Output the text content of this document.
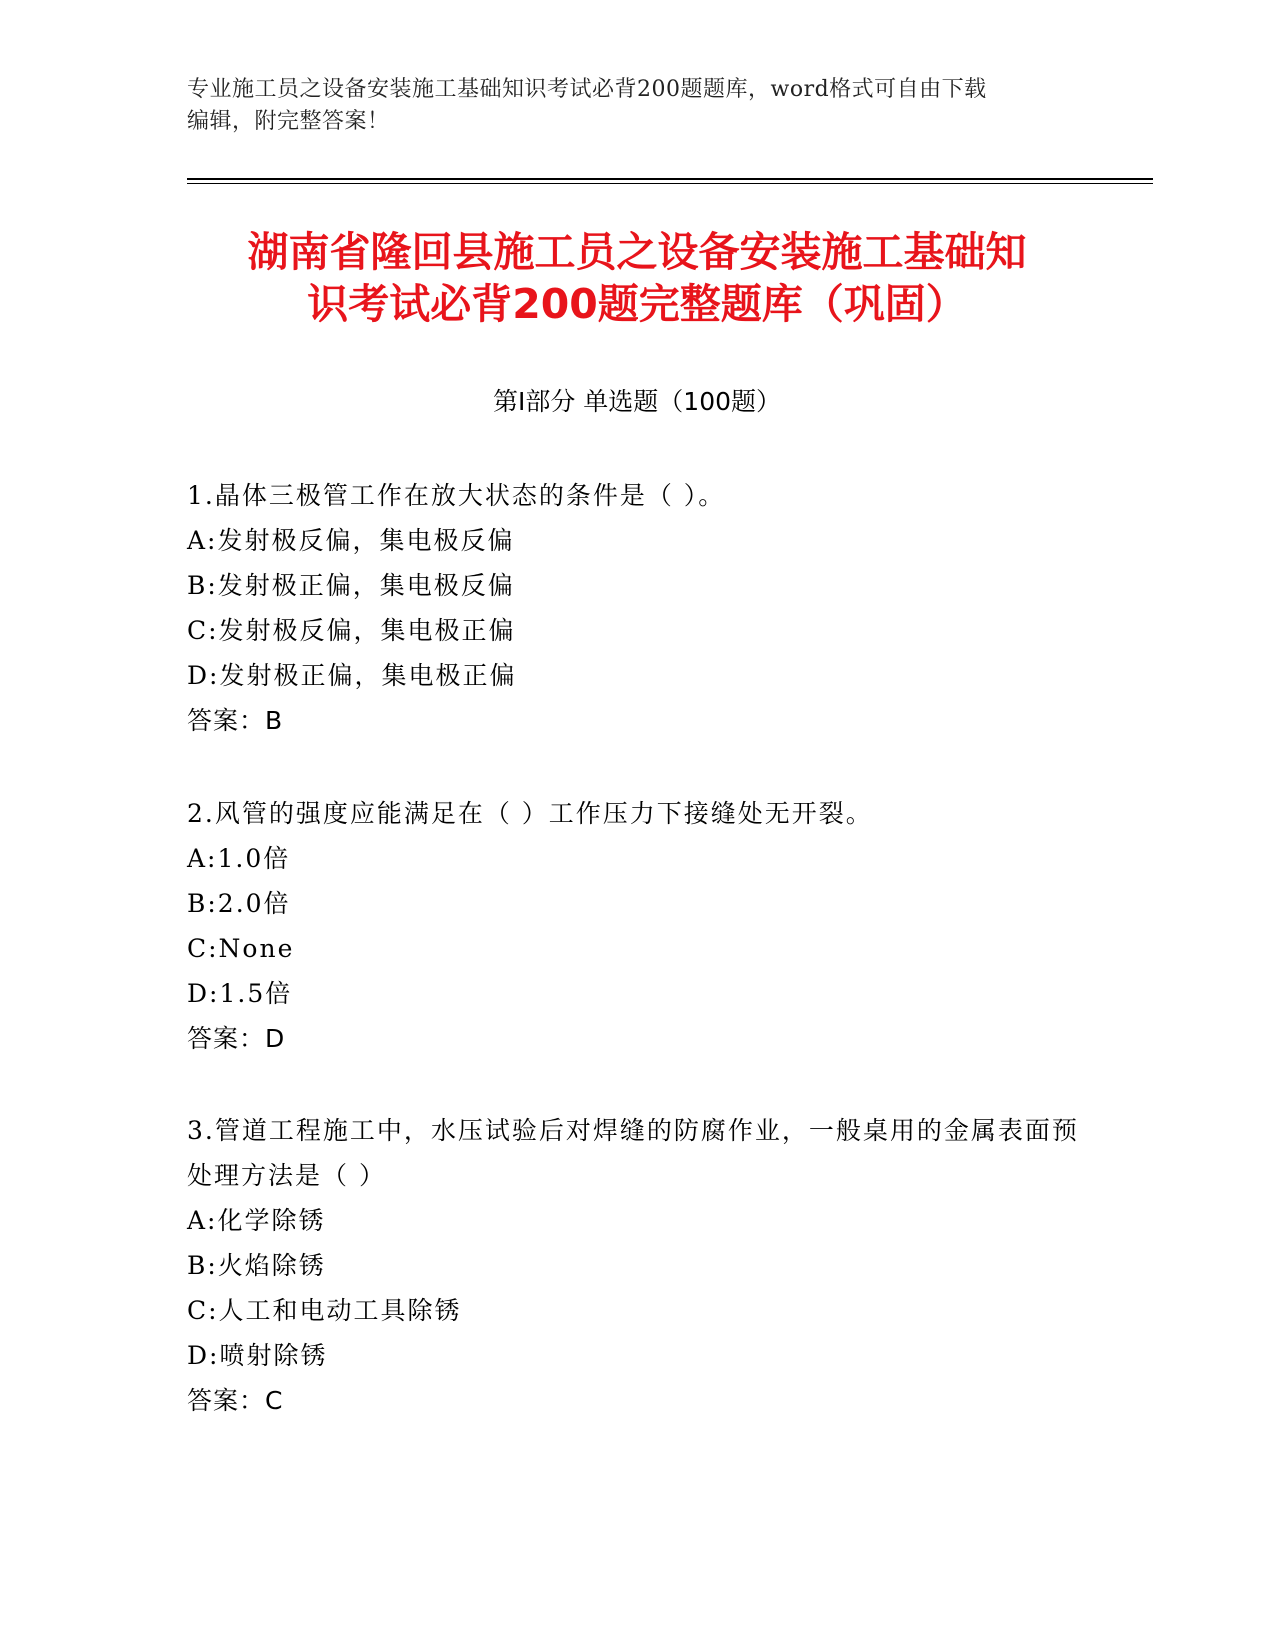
专业施工员之设备安装施工基础知识考试必背200题题库，word格式可自由下载
编辑，附完整答案！
湖南省隆回县施工员之设备安装施工基础知
识考试必背200题完整题库（巩固）
第Ⅰ部分 单选题（100题）
1.晶体三极管工作在放大状态的条件是（ ）。
A:发射极反偏，集电极反偏
B:发射极正偏，集电极反偏
C:发射极反偏，集电极正偏
D:发射极正偏，集电极正偏
答案：B
2.风管的强度应能满足在（ ）工作压力下接缝处无开裂。
A:1.0倍
B:2.0倍
C:None
D:1.5倍
答案：D
3.管道工程施工中，水压试验后对焊缝的防腐作业，一般桌用的金属表面预处理方法是（ ）
A:化学除锈
B:火焰除锈
C:人工和电动工具除锈
D:喷射除锈
答案：C
